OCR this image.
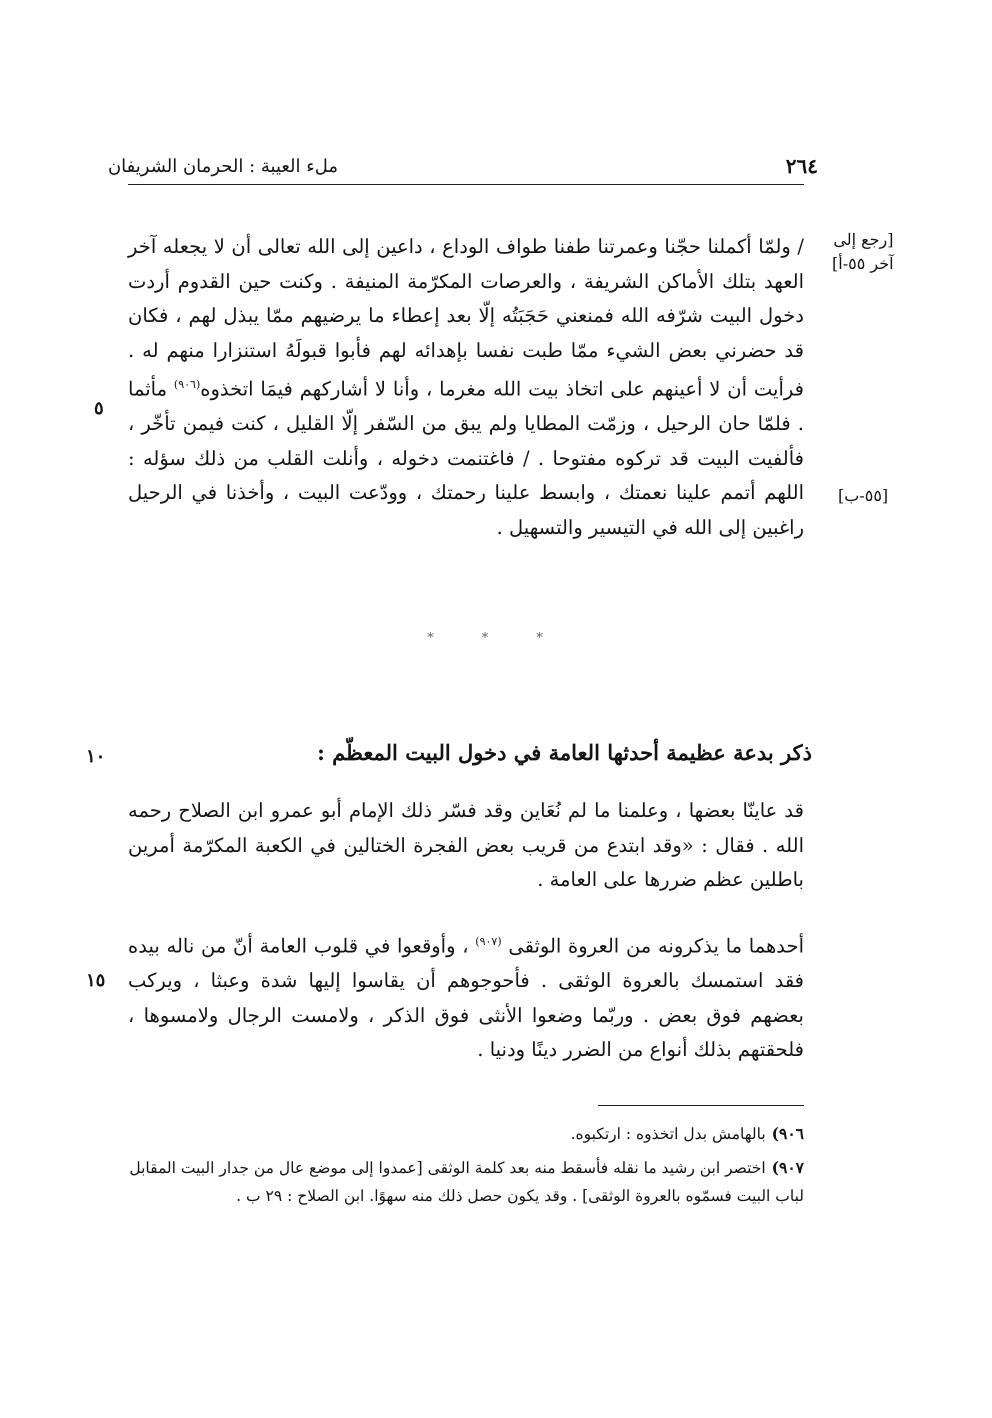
ملء العيبة : الحرمان الشريفان	٢٦٤
[رجع إلى
آخر ٥٥-أ]
[٥٥-ب]
٥
١٠
١٥

/ ولمّا أكملنا حجّنا وعمرتنا طفنا طواف الوداع ، داعين إلى الله تعالى أن لا يجعله آخر العهد بتلك الأماكن الشريفة ، والعرصات المكرّمة المنيفة . وكنت حين القدوم أردت دخول البيت شرّفه الله فمنعني حَجَبَتُه إلّا بعد إعطاء ما يرضيهم ممّا يبذل لهم ، فكان قد حضرني بعض الشيء ممّا طبت نفسا بإهدائه لهم فأبوا قبولَهُ استنزارا منهم له . فرأيت أن لا أعينهم على اتخاذ بيت الله مغرما ، وأنا لا أشاركهم فيمَا اتخذوه$^{(٩٠٦)}$ مأثما . فلمّا حان الرحيل ، وزمّت المطايا ولم يبق من السّفر إلّا القليل ، كنت فيمن تأخّر ، فألفيت البيت قد تركوه مفتوحا . / فاغتنمت دخوله ، وأنلت القلب من ذلك سؤله : اللهم أتمم علينا نعمتك ، وابسط علينا رحمتك ، وودّعت البيت ، وأخذنا في الرحيل راغبين إلى الله في التيسير والتسهيل .

* * *
ذكر بدعة عظيمة أحدثها العامة في دخول البيت المعظّم :

قد عاينّا بعضها ، وعلمنا ما لم نُعَاين وقد فسّر ذلك الإمام أبو عمرو ابن الصلاح رحمه الله . فقال : «وقد ابتدع من قريب بعض الفجرة الختالين في الكعبة المكرّمة أمرين باطلين عظم ضررها على العامة .

أحدهما ما يذكرونه من العروة الوثقى $^{(٩٠٧)}$ ، وأوقعوا في قلوب العامة أنّ من ناله بيده فقد استمسك بالعروة الوثقى . فأحوجوهم أن يقاسوا إليها شدة وعبثا ، ويركب بعضهم فوق بعض . وربّما وضعوا الأنثى فوق الذكر ، ولامست الرجال ولامسوها ، فلحقتهم بذلك أنواع من الضرر دينًا ودنيا .

٩٠٦)بالهامش بدل اتخذوه : ارتكبوه.

٩٠٧)اختصر ابن رشيد ما نقله فأسقط منه بعد كلمة الوثقى [عمدوا إلى موضع عال من جدار البيت المقابل لباب البيت فسمّوه بالعروة الوثقى] . وقد يكون حصل ذلك منه سهوًا. ابن الصلاح : ٢٩ ب .
